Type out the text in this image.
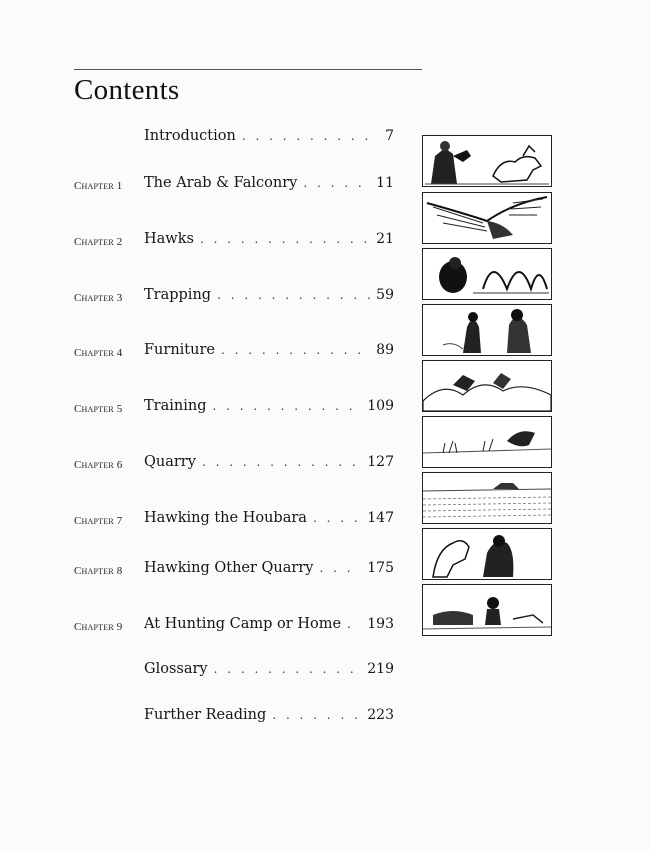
Contents
Introduction . . .	7
Chapter 1 The Arab & Falconry . . .	11
Chapter 2 Hawks . . .	21
Chapter 3 Trapping . . .	59
Chapter 4 Furniture . . .	89
Chapter 5 Training . . .	109
Chapter 6 Quarry . . .	127
Chapter 7 Hawking the Houbara . . .	147
Chapter 8 Hawking Other Quarry . . .	175
Chapter 9 At Hunting Camp or Home . . . 193
Glossary . . .	219
Further Reading . . .	223
